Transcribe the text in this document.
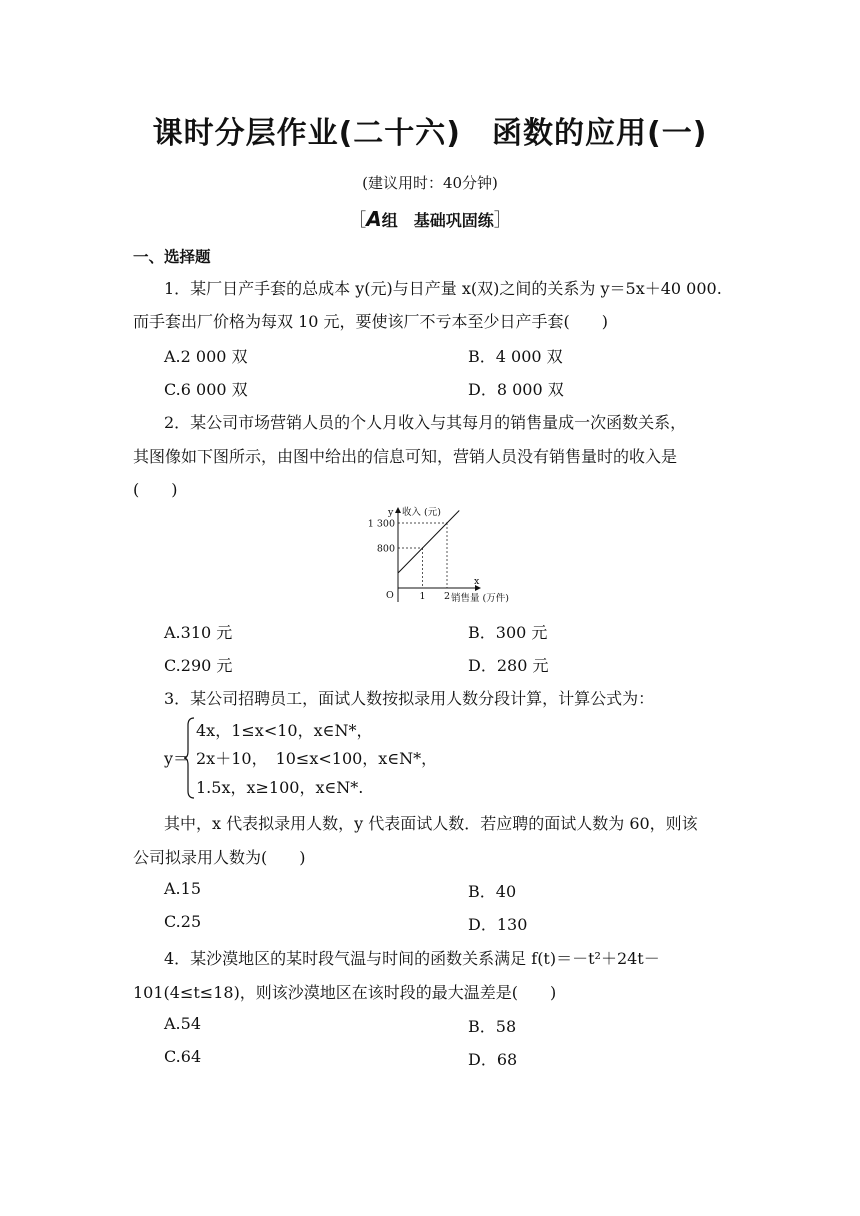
课时分层作业(二十六)　函数的应用(一)
(建议用时：40分钟)
［A组　基础巩固练］
一、选择题
1．某厂日产手套的总成本 y(元)与日产量 x(双)之间的关系为 y＝5x＋40 000.
而手套出厂价格为每双 10 元，要使该厂不亏本至少日产手套(　　)
A.2 000 双	B．4 000 双
C.6 000 双	D．8 000 双
2．某公司市场营销人员的个人月收入与其每月的销售量成一次函数关系，
其图像如下图所示，由图中给出的信息可知，营销人员没有销售量时的收入是
(　　)
1
800
2
1 300
y 收入 (元)
x
O	销售量 (万件)
A.310 元	B．300 元
C.290 元	D．280 元
3．某公司招聘员工，面试人数按拟录用人数分段计算，计算公式为：
y＝
4x，1≤x<10，x∈N*，
2x＋10，　10≤x<100，x∈N*，
1.5x，x≥100，x∈N*.
其中，x 代表拟录用人数，y 代表面试人数．若应聘的面试人数为 60，则该
公司拟录用人数为(　　)
A.15	B．40
C.25	D．130
4．某沙漠地区的某时段气温与时间的函数关系满足 f(t)＝－t²＋24t－
101(4≤t≤18)，则该沙漠地区在该时段的最大温差是(　　)
A.54	B．58
C.64	D．68
